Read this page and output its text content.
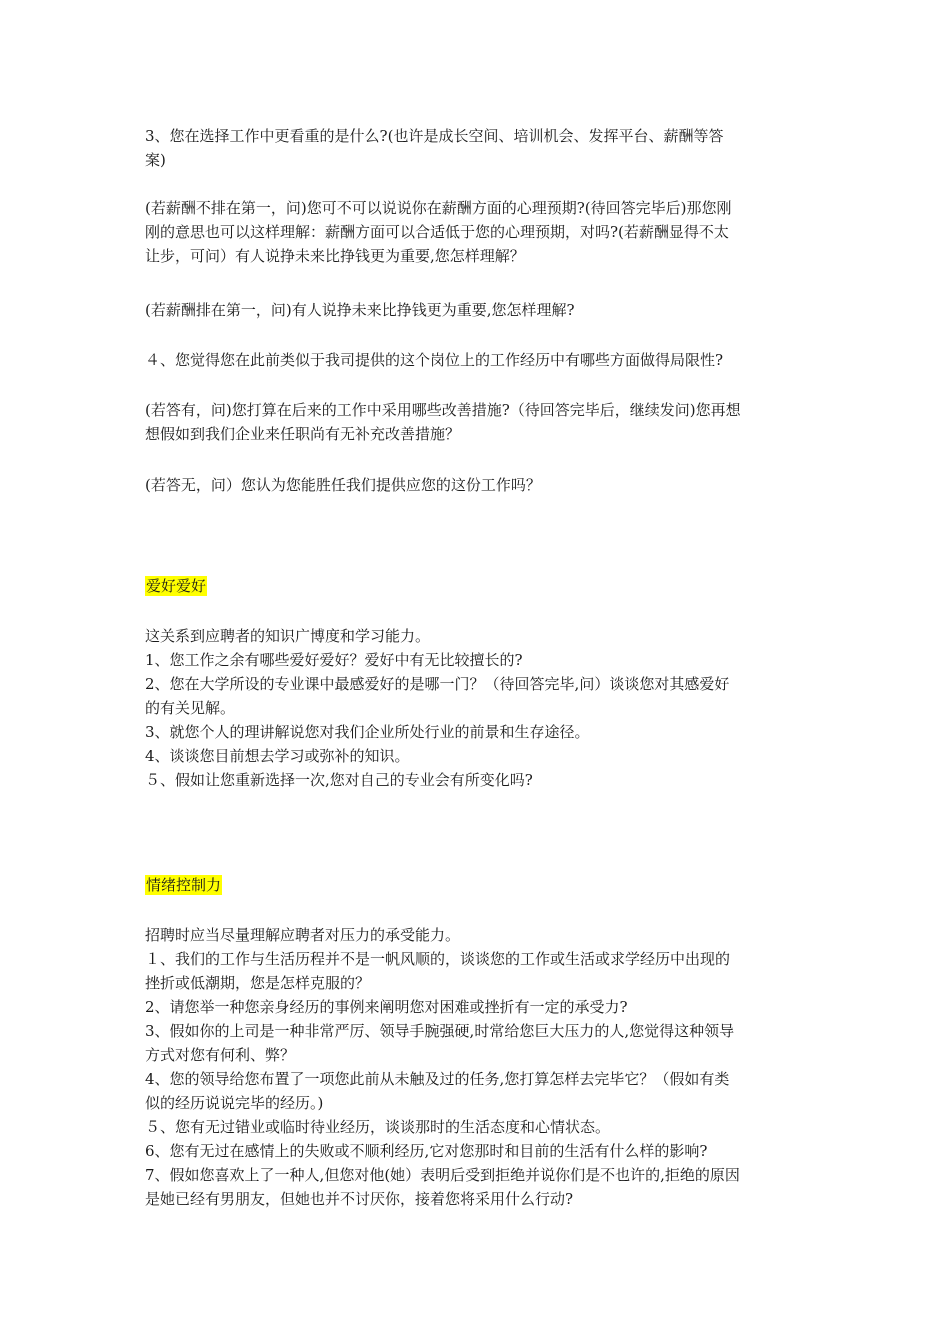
3、您在选择工作中更看重的是什么?(也许是成长空间、培训机会、发挥平台、薪酬等答
案)
(若薪酬不排在第一，问)您可不可以说说你在薪酬方面的心理预期?(待回答完毕后)那您刚
刚的意思也可以这样理解：薪酬方面可以合适低于您的心理预期，对吗?(若薪酬显得不太
让步，可问）有人说挣未来比挣钱更为重要,您怎样理解？
(若薪酬排在第一，问)有人说挣未来比挣钱更为重要,您怎样理解?
４、您觉得您在此前类似于我司提供的这个岗位上的工作经历中有哪些方面做得局限性?
(若答有，问)您打算在后来的工作中采用哪些改善措施?（待回答完毕后，继续发问)您再想
想假如到我们企业来任职尚有无补充改善措施？
(若答无，问）您认为您能胜任我们提供应您的这份工作吗？
爱好爱好
这关系到应聘者的知识广博度和学习能力。
1、您工作之余有哪些爱好爱好？爱好中有无比较擅长的?
2、您在大学所设的专业课中最感爱好的是哪一门？（待回答完毕,问）谈谈您对其感爱好
的有关见解。
3、就您个人的理讲解说您对我们企业所处行业的前景和生存途径。
4、谈谈您目前想去学习或弥补的知识。
５、假如让您重新选择一次,您对自己的专业会有所变化吗?
情绪控制力
招聘时应当尽量理解应聘者对压力的承受能力。
１、我们的工作与生活历程并不是一帆风顺的，谈谈您的工作或生活或求学经历中出现的
挫折或低潮期，您是怎样克服的？
2、请您举一种您亲身经历的事例来阐明您对困难或挫折有一定的承受力?
3、假如你的上司是一种非常严厉、领导手腕强硬,时常给您巨大压力的人,您觉得这种领导
方式对您有何利、弊？
4、您的领导给您布置了一项您此前从未触及过的任务,您打算怎样去完毕它？（假如有类
似的经历说说完毕的经历。)
５、您有无过错业或临时待业经历，谈谈那时的生活态度和心情状态。
6、您有无过在感情上的失败或不顺利经历,它对您那时和目前的生活有什么样的影响?
7、假如您喜欢上了一种人,但您对他(她）表明后受到拒绝并说你们是不也许的,拒绝的原因
是她已经有男朋友，但她也并不讨厌你，接着您将采用什么行动?
